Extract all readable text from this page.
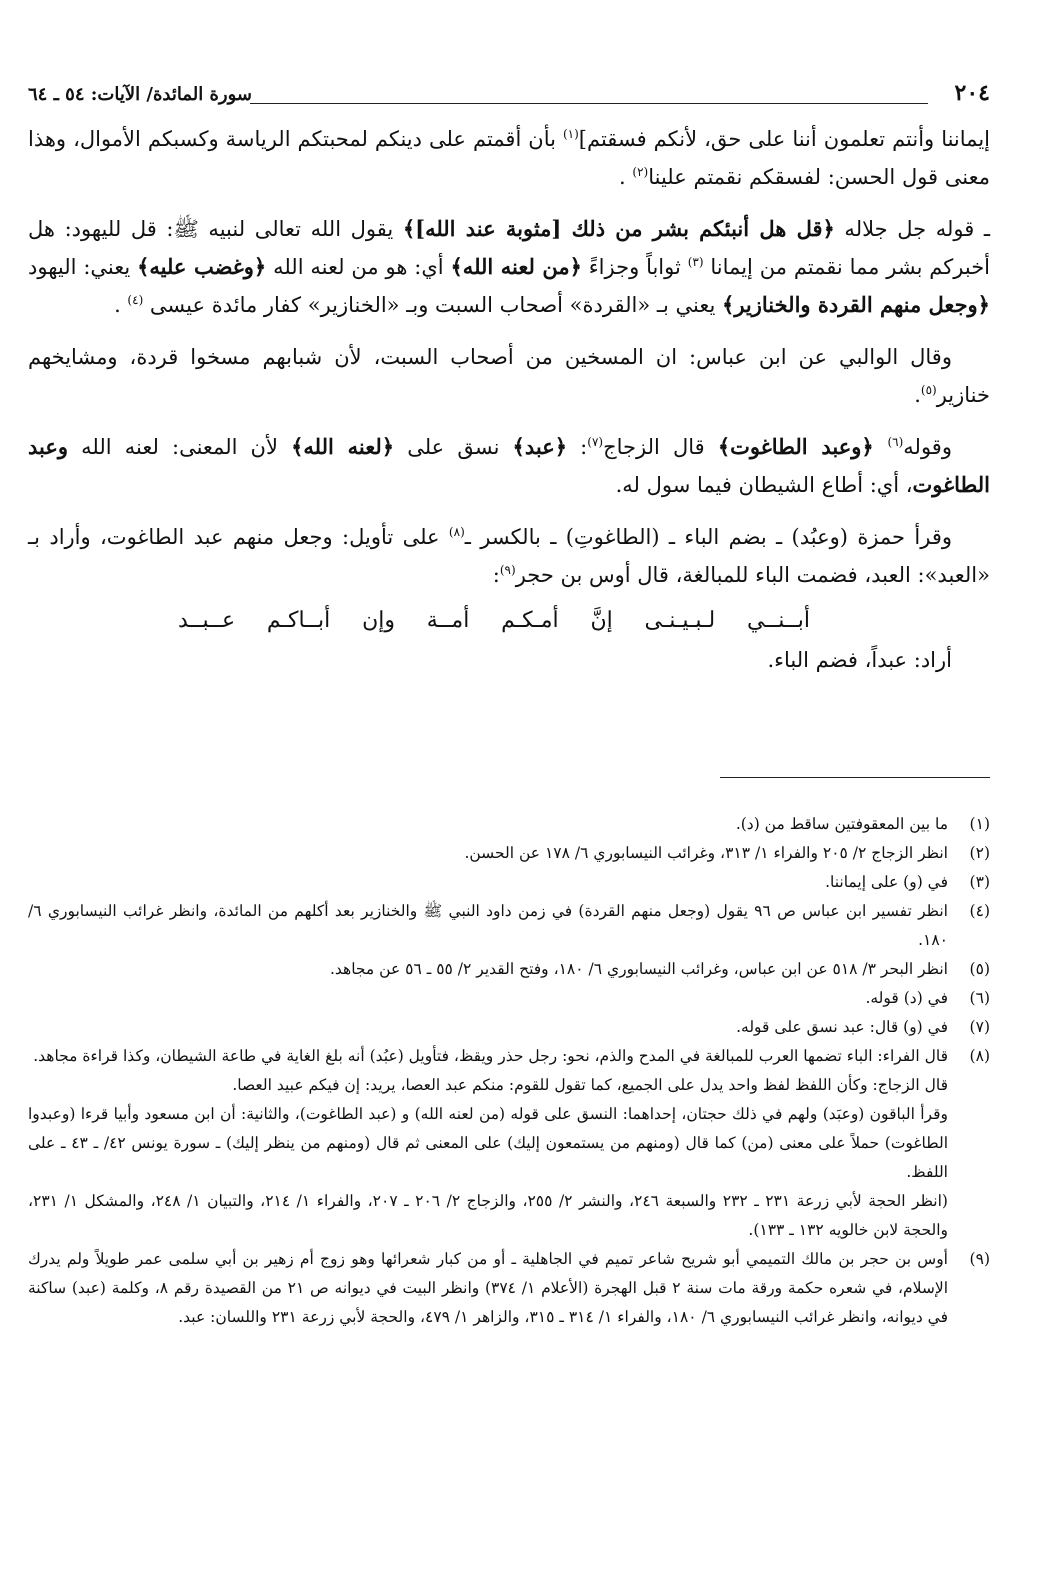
٢٠٤
سورة المائدة/ الآيات: ٥٤ ـ ٦٤

إيماننا وأنتم تعلمون أننا على حق، لأنكم فسقتم]$^{(١)}$ بأن أقمتم على دينكم لمحبتكم الرياسة وكسبكم الأموال، وهذا معنى قول الحسن: لفسقكم نقمتم علينا$^{(٢)}$ .

ـ قوله جل جلاله ﴿قل هل أنبئكم بشر من ذلك [مثوبة عند الله]﴾ يقول الله تعالى لنبيه ﷺ: قل لليهود: هل أخبركم بشر مما نقمتم من إيمانا $^{(٣)}$ ثواباً وجزاءً ﴿من لعنه الله﴾ أي: هو من لعنه الله ﴿وغضب عليه﴾ يعني: اليهود ﴿وجعل منهم القردة والخنازير﴾ يعني بـ «القردة» أصحاب السبت وبـ «الخنازير» كفار مائدة عيسى $^{(٤)}$ .

وقال الوالبي عن ابن عباس: ان المسخين من أصحاب السبت، لأن شبابهم مسخوا قردة، ومشايخهم خنازير$^{(٥)}$.

وقوله$^{(٦)}$ ﴿وعبد الطاغوت﴾ قال الزجاج$^{(٧)}$: ﴿عبد﴾ نسق على ﴿لعنه الله﴾ لأن المعنى: لعنه الله وعبد الطاغوت، أي: أطاع الشيطان فيما سول له.

وقرأ حمزة (وعبُد) ـ بضم الباء ـ (الطاغوتِ) ـ بالكسر ـ$^{(٨)}$ على تأويل: وجعل منهم عبد الطاغوت، وأراد بـ «العبد»: العبد، فضمت الباء للمبالغة، قال أوس بن حجر$^{(٩)}$:

أبــنــي
لـبـيـنـى
إنَّ
أمـكـم
أمــة
وإن
أبــاكـم
عــبــد

أراد: عبداً، فضم الباء.

(١)
ما بين المعقوفتين ساقط من (د).
(٢)
انظر الزجاج ٢/ ٢٠٥ والفراء ١/ ٣١٣، وغرائب النيسابوري ٦/ ١٧٨ عن الحسن.
(٣)
في (و) على إيماننا.
(٤)
انظر تفسير ابن عباس ص ٩٦ يقول (وجعل منهم القردة) في زمن داود النبي ﷺ والخنازير بعد أكلهم من المائدة، وانظر غرائب النيسابوري ٦/ ١٨٠.
(٥)
انظر البحر ٣/ ٥١٨ عن ابن عباس، وغرائب النيسابوري ٦/ ١٨٠، وفتح القدير ٢/ ٥٥ ـ ٥٦ عن مجاهد.
(٦)
في (د) قوله.
(٧)
في (و) قال: عبد نسق على قوله.
(٨)
قال الفراء: الباء تضمها العرب للمبالغة في المدح والذم، نحو: رجل حذر ويقظ، فتأويل (عبُد) أنه بلغ الغاية في طاعة الشيطان، وكذا قراءة مجاهد.
قال الزجاج: وكأن اللفظ لفظ واحد يدل على الجميع، كما تقول للقوم: منكم عبد العصا، يريد: إن فيكم عبيد العصا.
وقرأ الباقون (وعبَد) ولهم في ذلك حجتان، إحداهما: النسق على قوله (من لعنه الله) و (عبد الطاغوت)، والثانية: أن ابن مسعود وأبيا قرءا (وعبدوا الطاغوت) حملاً على معنى (من) كما قال (ومنهم من يستمعون إليك) على المعنى ثم قال (ومنهم من ينظر إليك) ـ سورة يونس ٤٢/ ـ ٤٣ ـ على اللفظ.
(انظر الحجة لأبي زرعة ٢٣١ ـ ٢٣٢ والسبعة ٢٤٦، والنشر ٢/ ٢٥٥، والزجاج ٢/ ٢٠٦ ـ ٢٠٧، والفراء ١/ ٢١٤، والتبيان ١/ ٢٤٨، والمشكل ١/ ٢٣١، والحجة لابن خالويه ١٣٢ ـ ١٣٣).
(٩)
أوس بن حجر بن مالك التميمي أبو شريح شاعر تميم في الجاهلية ـ أو من كبار شعرائها وهو زوج أم زهير بن أبي سلمى عمر طويلاً ولم يدرك الإسلام، في شعره حكمة ورقة مات سنة ٢ قبل الهجرة (الأعلام ١/ ٣٧٤) وانظر البيت في ديوانه ص ٢١ من القصيدة رقم ٨، وكلمة (عبد) ساكنة في ديوانه، وانظر غرائب النيسابوري ٦/ ١٨٠، والفراء ١/ ٣١٤ ـ ٣١٥، والزاهر ١/ ٤٧٩، والحجة لأبي زرعة ٢٣١ واللسان: عبد.
